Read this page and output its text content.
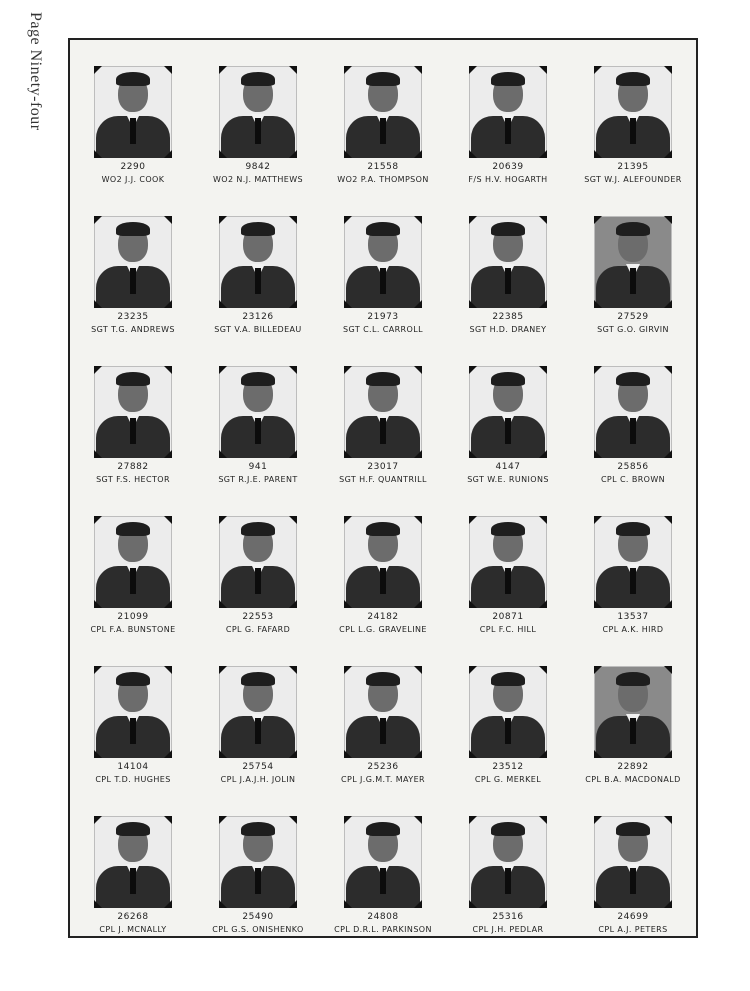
Page Ninety-four
2290
WO2 J.J. COOK
9842
WO2 N.J. MATTHEWS
21558
WO2 P.A. THOMPSON
20639
F/S H.V. HOGARTH
21395
SGT W.J. ALEFOUNDER
23235
SGT T.G. ANDREWS
23126
SGT V.A. BILLEDEAU
21973
SGT C.L. CARROLL
22385
SGT H.D. DRANEY
27529
SGT G.O. GIRVIN
27882
SGT F.S. HECTOR
941
SGT R.J.E. PARENT
23017
SGT H.F. QUANTRILL
4147
SGT W.E. RUNIONS
25856
CPL C. BROWN
21099
CPL F.A. BUNSTONE
22553
CPL G. FAFARD
24182
CPL L.G. GRAVELINE
20871
CPL F.C. HILL
13537
CPL A.K. HIRD
14104
CPL T.D. HUGHES
25754
CPL J.A.J.H. JOLIN
25236
CPL J.G.M.T. MAYER
23512
CPL G. MERKEL
22892
CPL B.A. MACDONALD
26268
CPL J. MCNALLY
25490
CPL G.S. ONISHENKO
24808
CPL D.R.L. PARKINSON
25316
CPL J.H. PEDLAR
24699
CPL A.J. PETERS
